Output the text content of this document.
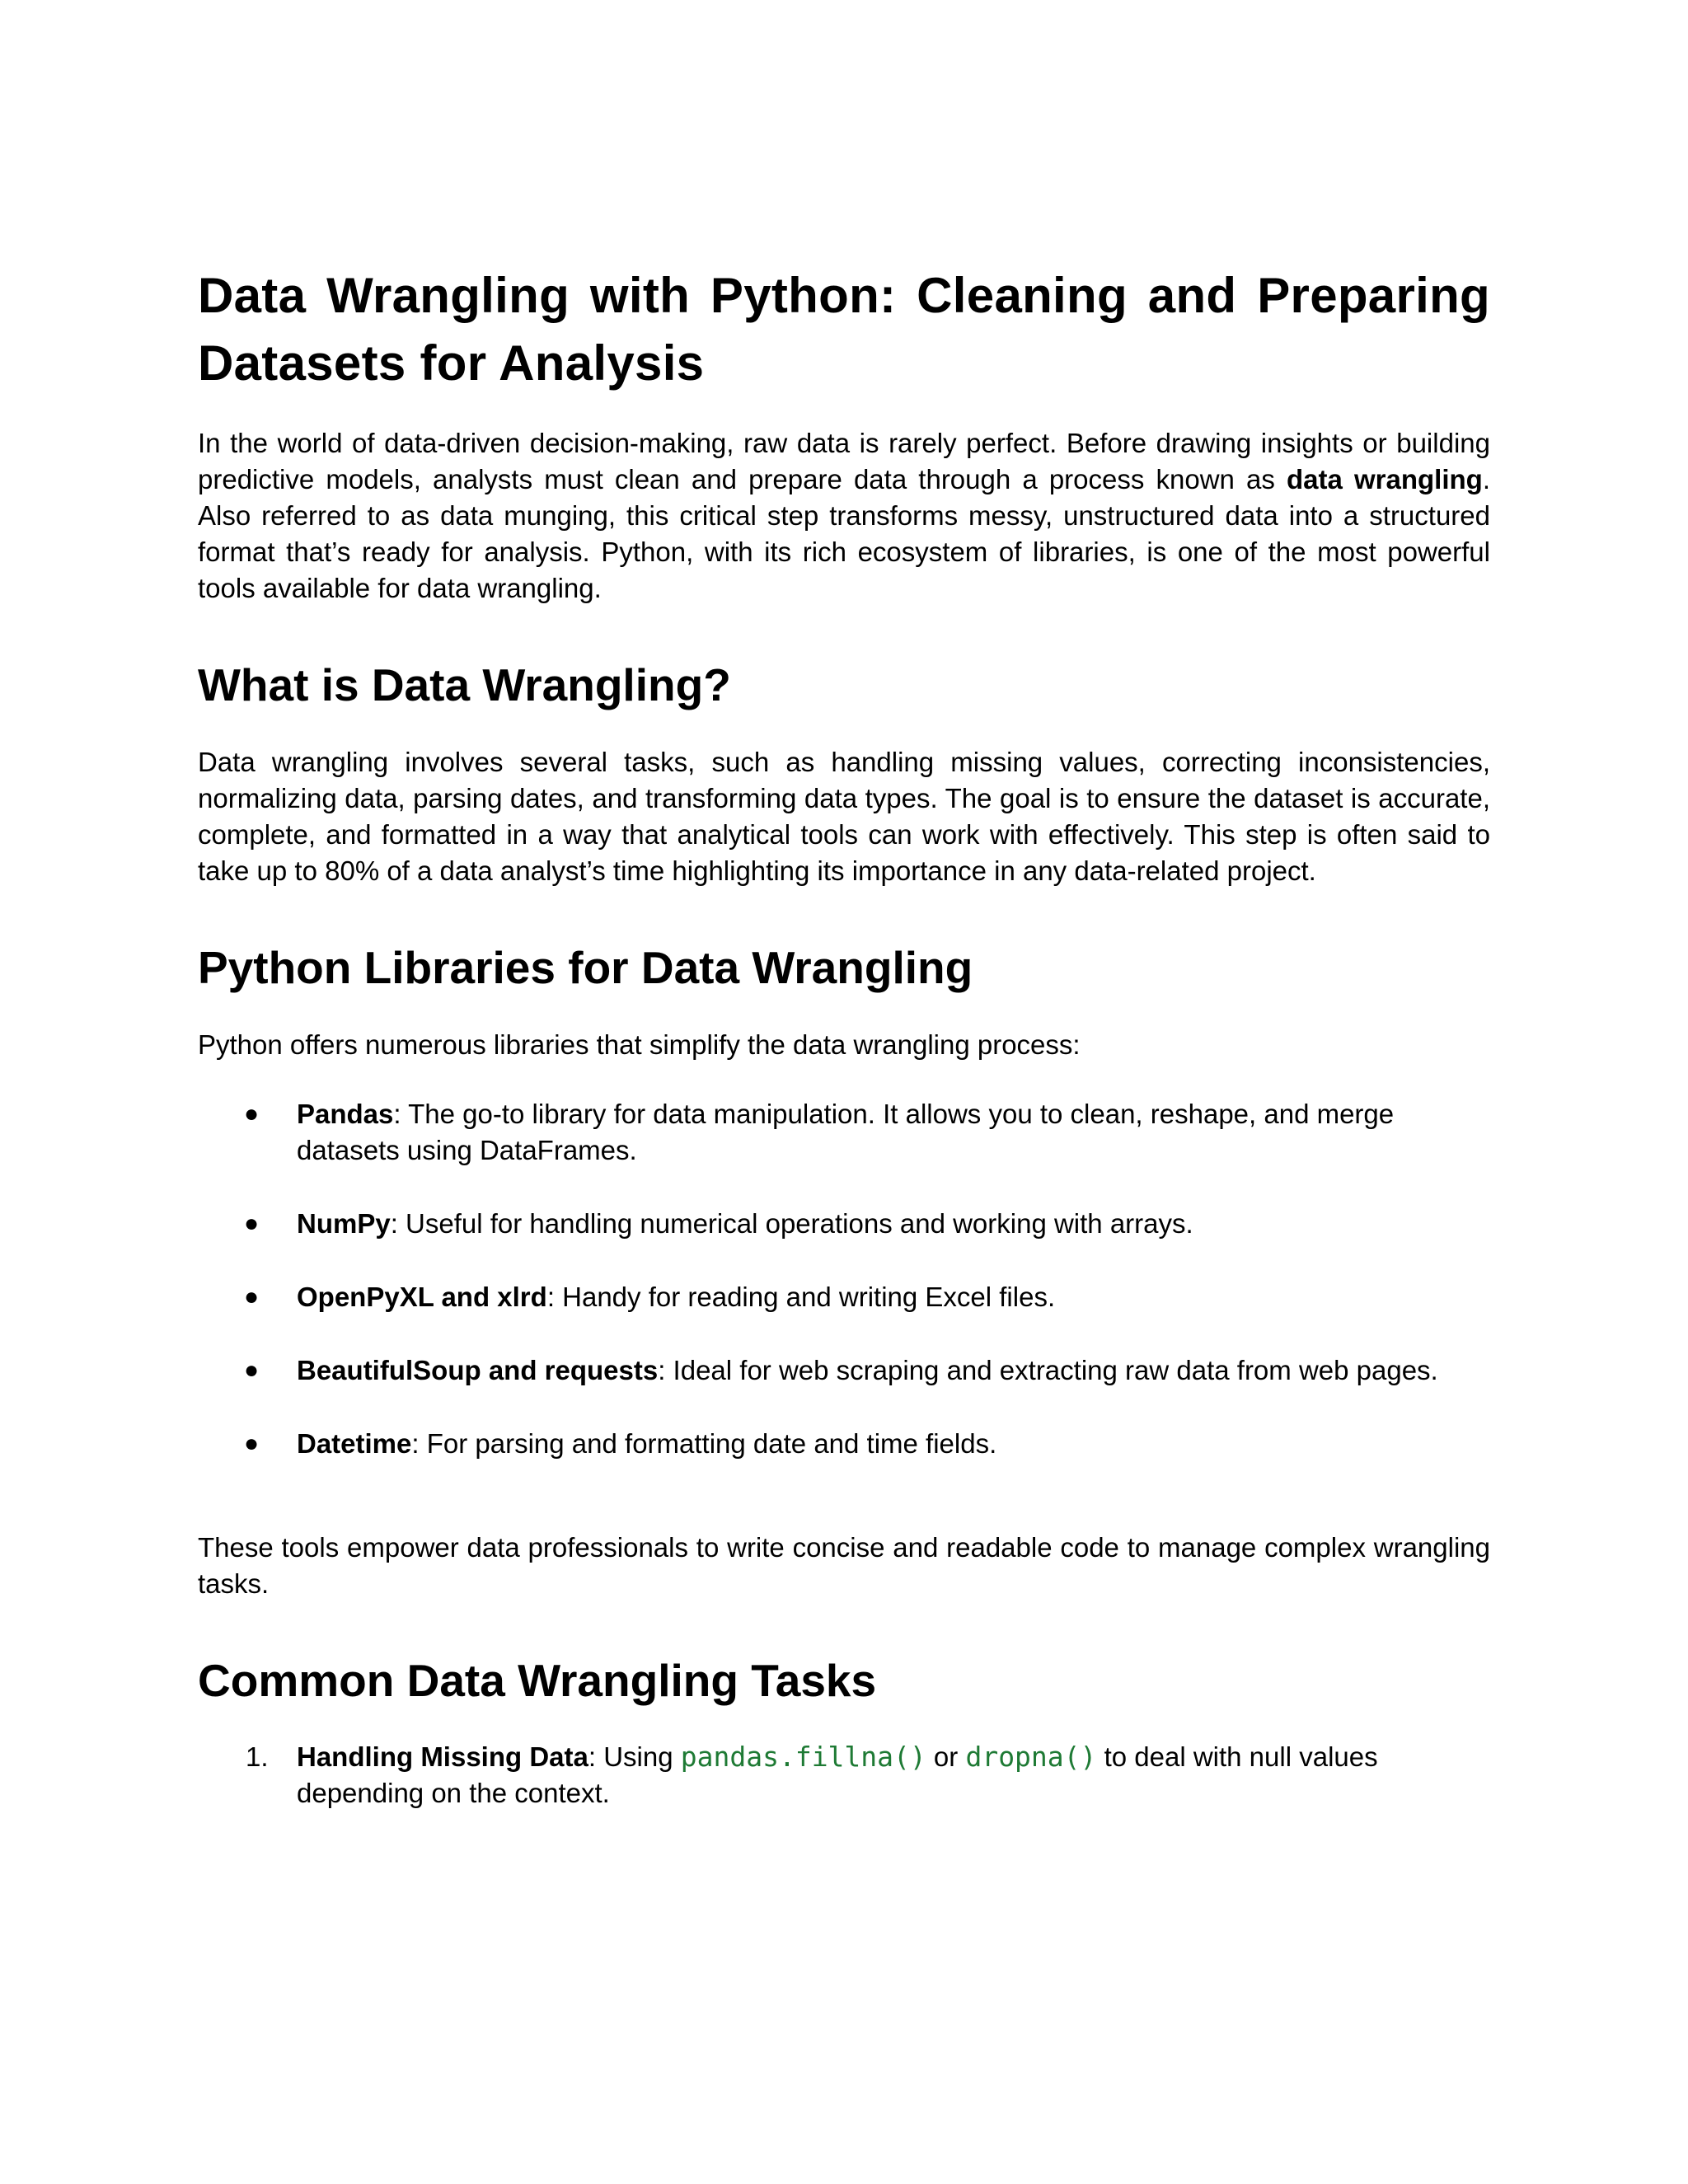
Data Wrangling with Python: Cleaning and Preparing Datasets for Analysis

In the world of data-driven decision-making, raw data is rarely perfect. Before drawing insights or building predictive models, analysts must clean and prepare data through a process known as data wrangling. Also referred to as data munging, this critical step transforms messy, unstructured data into a structured format that’s ready for analysis. Python, with its rich ecosystem of libraries, is one of the most powerful tools available for data wrangling.

What is Data Wrangling?

Data wrangling involves several tasks, such as handling missing values, correcting inconsistencies, normalizing data, parsing dates, and transforming data types. The goal is to ensure the dataset is accurate, complete, and formatted in a way that analytical tools can work with effectively. This step is often said to take up to 80% of a data analyst’s time highlighting its importance in any data-related project.

Python Libraries for Data Wrangling

Python offers numerous libraries that simplify the data wrangling process:

● Pandas: The go-to library for data manipulation. It allows you to clean, reshape, and merge datasets using DataFrames.
● NumPy: Useful for handling numerical operations and working with arrays.
● OpenPyXL and xlrd: Handy for reading and writing Excel files.
● BeautifulSoup and requests: Ideal for web scraping and extracting raw data from web pages.
● Datetime: For parsing and formatting date and time fields.

These tools empower data professionals to write concise and readable code to manage complex wrangling tasks.

Common Data Wrangling Tasks
1. Handling Missing Data: Using pandas.fillna() or dropna() to deal with null values depending on the context.
